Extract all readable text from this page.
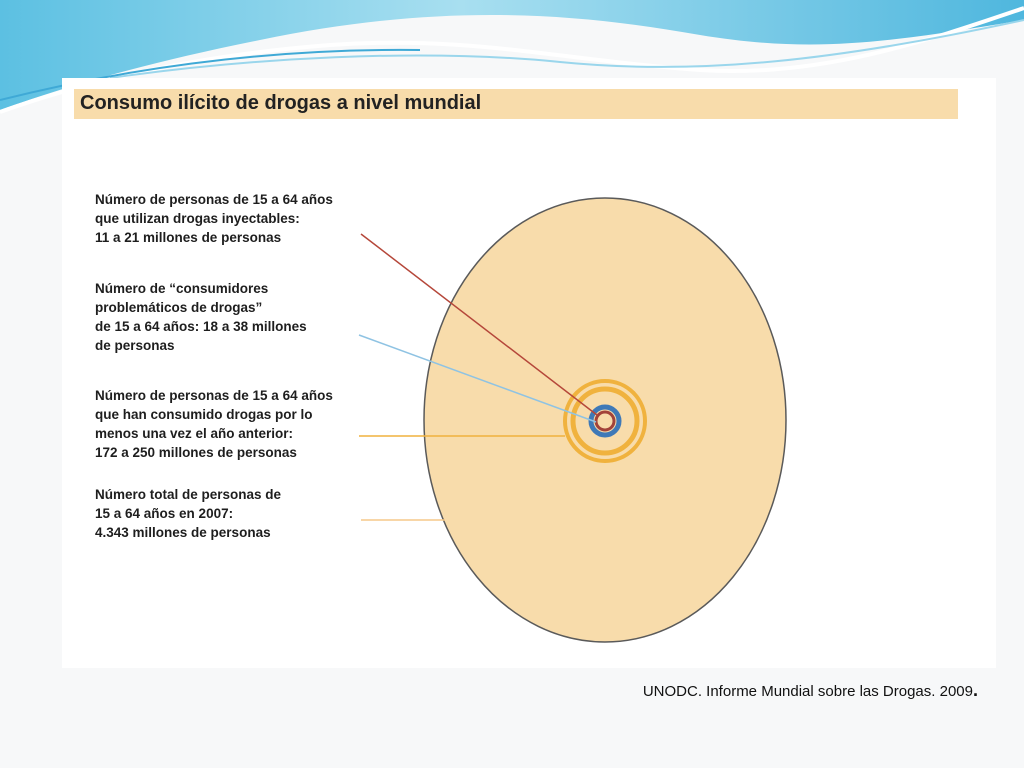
Consumo ilícito de drogas a nivel mundial
Número de personas de 15 a 64 años
que utilizan drogas inyectables:
11 a 21 millones de personas
Número de “consumidores
problemáticos de drogas”
de 15 a 64 años: 18 a 38 millones
de personas
Número de personas de 15 a 64 años
que han consumido drogas por lo
menos una vez el año anterior:
172 a 250 millones de personas
Número total de personas de
15 a 64 años en 2007:
4.343 millones de personas
UNODC. Informe Mundial sobre las Drogas. 2009.
